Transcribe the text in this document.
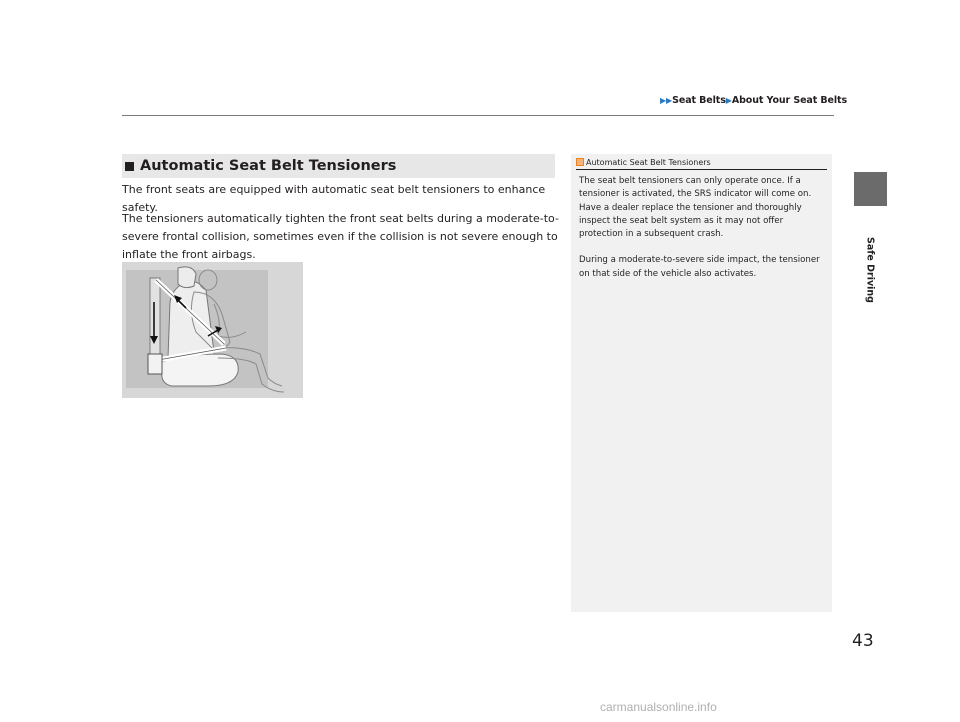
▶▶Seat Belts▶About Your Seat Belts
Safe Driving
Automatic Seat Belt Tensioners
The front seats are equipped with automatic seat belt tensioners to enhance safety.
The tensioners automatically tighten the front seat belts during a moderate-to-severe frontal collision, sometimes even if the collision is not severe enough to inflate the front airbags.
Automatic Seat Belt Tensioners

The seat belt tensioners can only operate once. If a tensioner is activated, the SRS indicator will come on. Have a dealer replace the tensioner and thoroughly inspect the seat belt system as it may not offer protection in a subsequent crash.

During a moderate-to-severe side impact, the tensioner on that side of the vehicle also activates.

43
carmanualsonline.info
